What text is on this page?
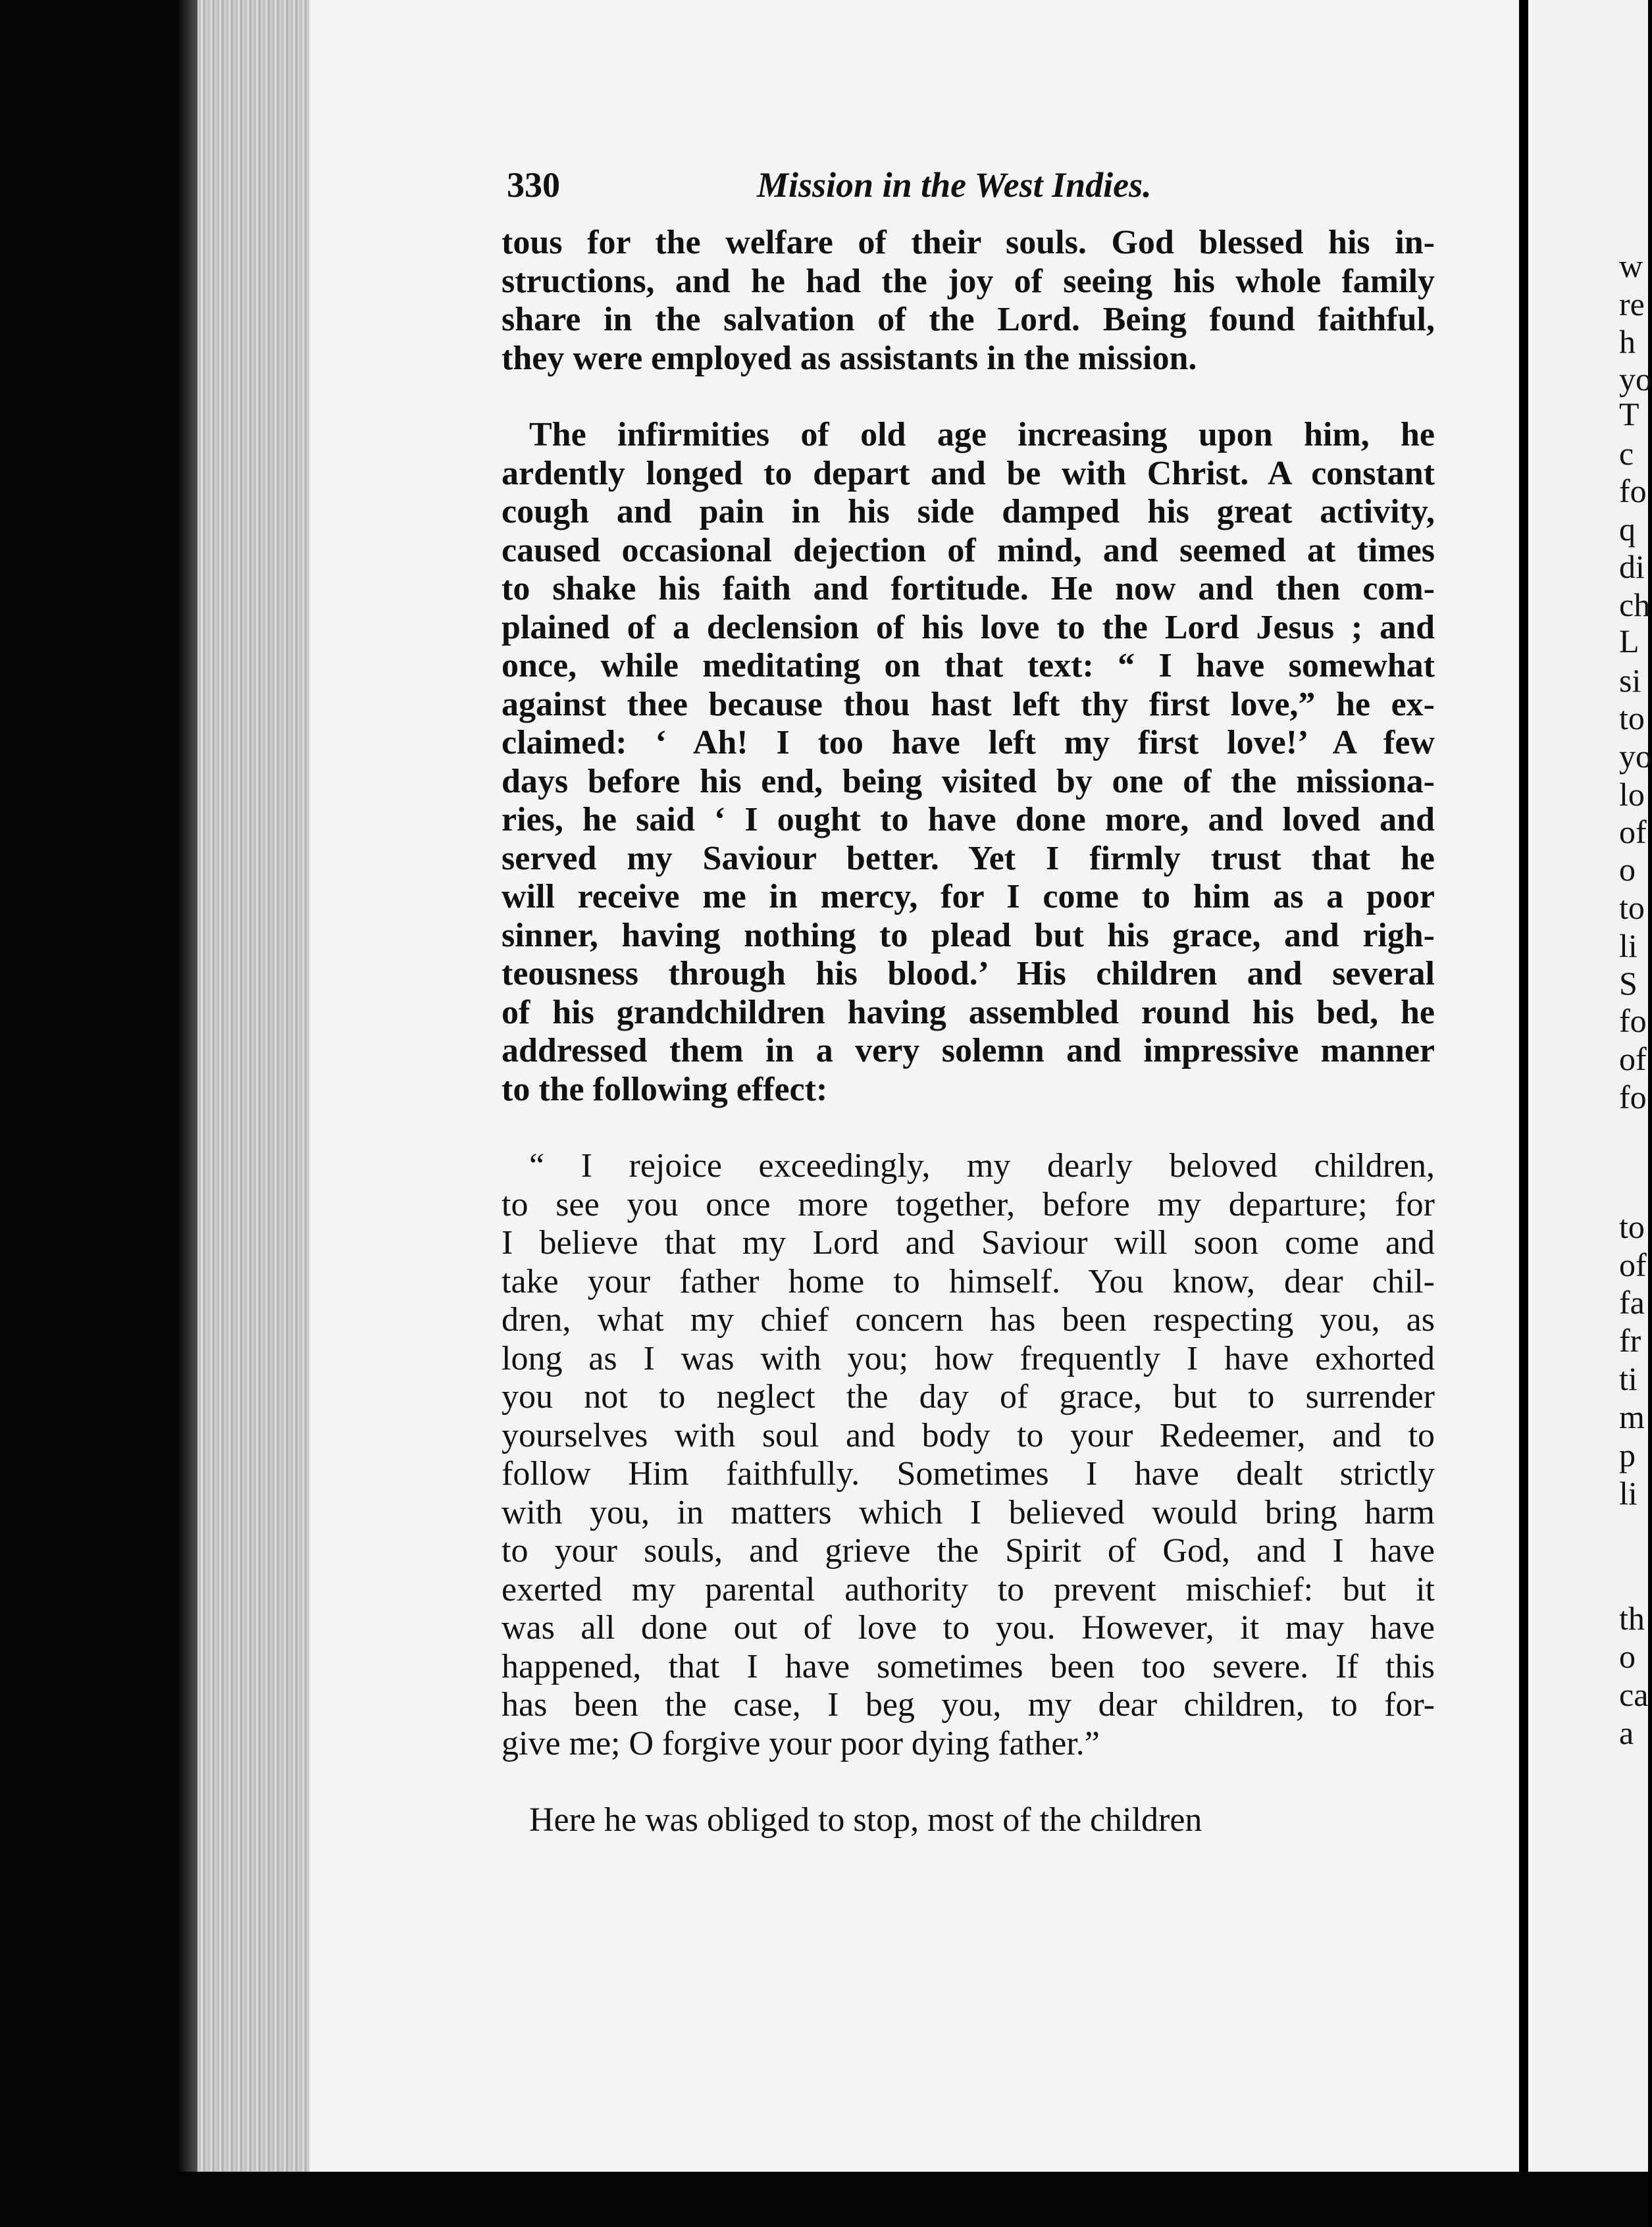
330	Mission in the West Indies.
tous for the welfare of their souls. God blessed his in-
structions, and he had the joy of seeing his whole family
share in the salvation of the Lord. Being found faithful,
they were employed as assistants in the mission.
The infirmities of old age increasing upon him, he
ardently longed to depart and be with Christ. A constant
cough and pain in his side damped his great activity,
caused occasional dejection of mind, and seemed at times
to shake his faith and fortitude. He now and then com-
plained of a declension of his love to the Lord Jesus ; and
once, while meditating on that text: “ I have somewhat
against thee because thou hast left thy first love,” he ex-
claimed: ‘ Ah! I too have left my first love!’ A few
days before his end, being visited by one of the missiona-
ries, he said ‘ I ought to have done more, and loved and
served my Saviour better. Yet I firmly trust that he
will receive me in mercy, for I come to him as a poor
sinner, having nothing to plead but his grace, and righ-
teousness through his blood.’ His children and several
of his grandchildren having assembled round his bed, he
addressed them in a very solemn and impressive manner
to the following effect:
“ I rejoice exceedingly, my dearly beloved children,
to see you once more together, before my departure; for
I believe that my Lord and Saviour will soon come and
take your father home to himself. You know, dear chil-
dren, what my chief concern has been respecting you, as
long as I was with you; how frequently I have exhorted
you not to neglect the day of grace, but to surrender
yourselves with soul and body to your Redeemer, and to
follow Him faithfully. Sometimes I have dealt strictly
with you, in matters which I believed would bring harm
to your souls, and grieve the Spirit of God, and I have
exerted my parental authority to prevent mischief: but it
was all done out of love to you. However, it may have
happened, that I have sometimes been too severe. If this
has been the case, I beg you, my dear children, to for-
give me; O forgive your poor dying father.”
Here he was obliged to stop, most of the children
w
re
h
yo
T
c
fo
q
di
ch
L
si
to
yo
lo
of
o
to
li
S
fo
of
fo
to
of
fa
fr
ti
m
p
li
th
o
ca
a
